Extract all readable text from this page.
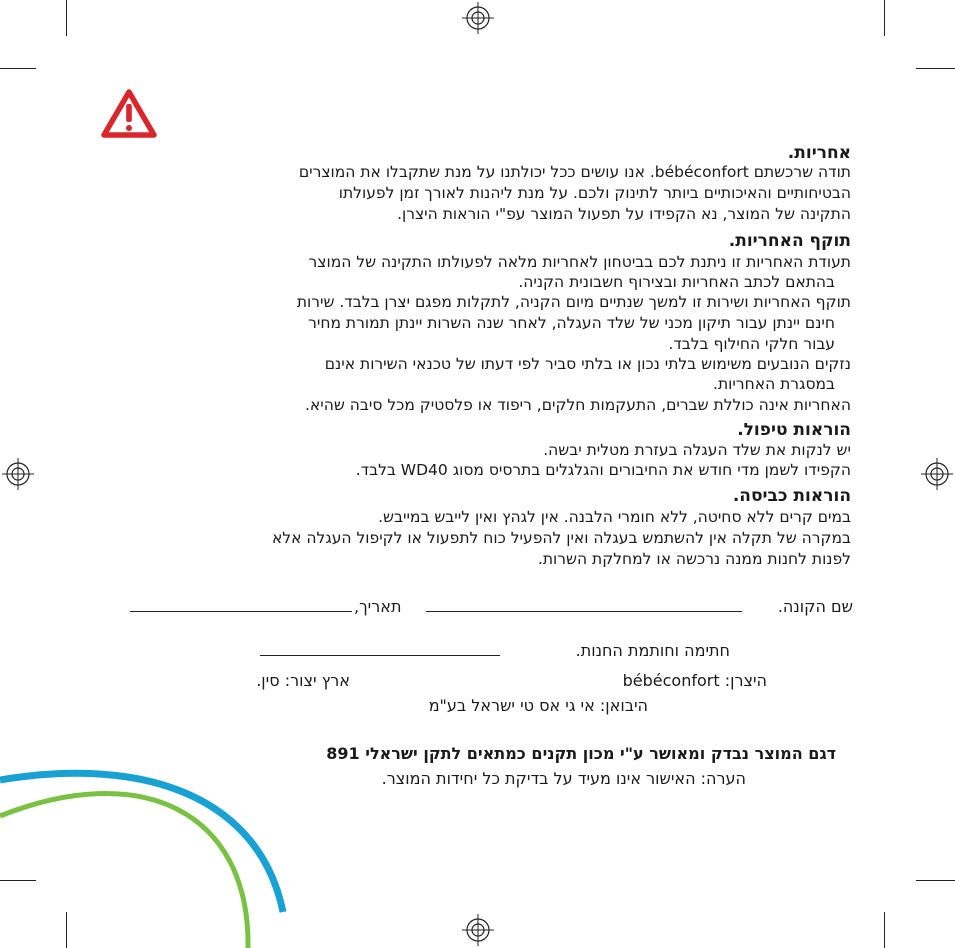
אחריות.
תודה שרכשתם bébéconfort. אנו עושים ככל יכולתנו על מנת שתקבלו את המוצרים
הבטיחותיים והאיכותיים ביותר לתינוק ולכם. על מנת ליהנות לאורך זמן לפעולתו
התקינה של המוצר, נא הקפידו על תפעול המוצר עפ"י הוראות היצרן.
תוקף האחריות.
תעודת האחריות זו ניתנת לכם בביטחון לאחריות מלאה לפעולתו התקינה של המוצר
בהתאם לכתב האחריות ובצירוף חשבונית הקניה.
תוקף האחריות ושירות זו למשך שנתיים מיום הקניה, לתקלות מפגם יצרן בלבד. שירות
חינם יינתן עבור תיקון מכני של שלד העגלה, לאחר שנה השרות יינתן תמורת מחיר
עבור חלקי החילוף בלבד.
נזקים הנובעים משימוש בלתי נכון או בלתי סביר לפי דעתו של טכנאי השירות אינם
במסגרת האחריות.
האחריות אינה כוללת שברים, התעקמות חלקים, ריפוד או פלסטיק מכל סיבה שהיא.
הוראות טיפול.
יש לנקות את שלד העגלה בעזרת מטלית יבשה.
הקפידו לשמן מדי חודש את החיבורים והגלגלים בתרסיס מסוג WD40 בלבד.
הוראות כביסה.
במים קרים ללא סחיטה, ללא חומרי הלבנה. אין לגהץ ואין לייבש במייבש.
במקרה של תקלה אין להשתמש בעגלה ואין להפעיל כוח לתפעול או לקיפול העגלה אלא
לפנות לחנות ממנה נרכשה או למחלקת השרות.
שם הקונה.
תאריך,
חתימה וחותמת החנות.
היצרן: bébéconfort
ארץ יצור: סין.
היבואן: אי גי אס טי ישראל בע"מ
דגם המוצר נבדק ומאושר ע"י מכון תקנים כמתאים לתקן ישראלי 891
הערה: האישור אינו מעיד על בדיקת כל יחידות המוצר.
